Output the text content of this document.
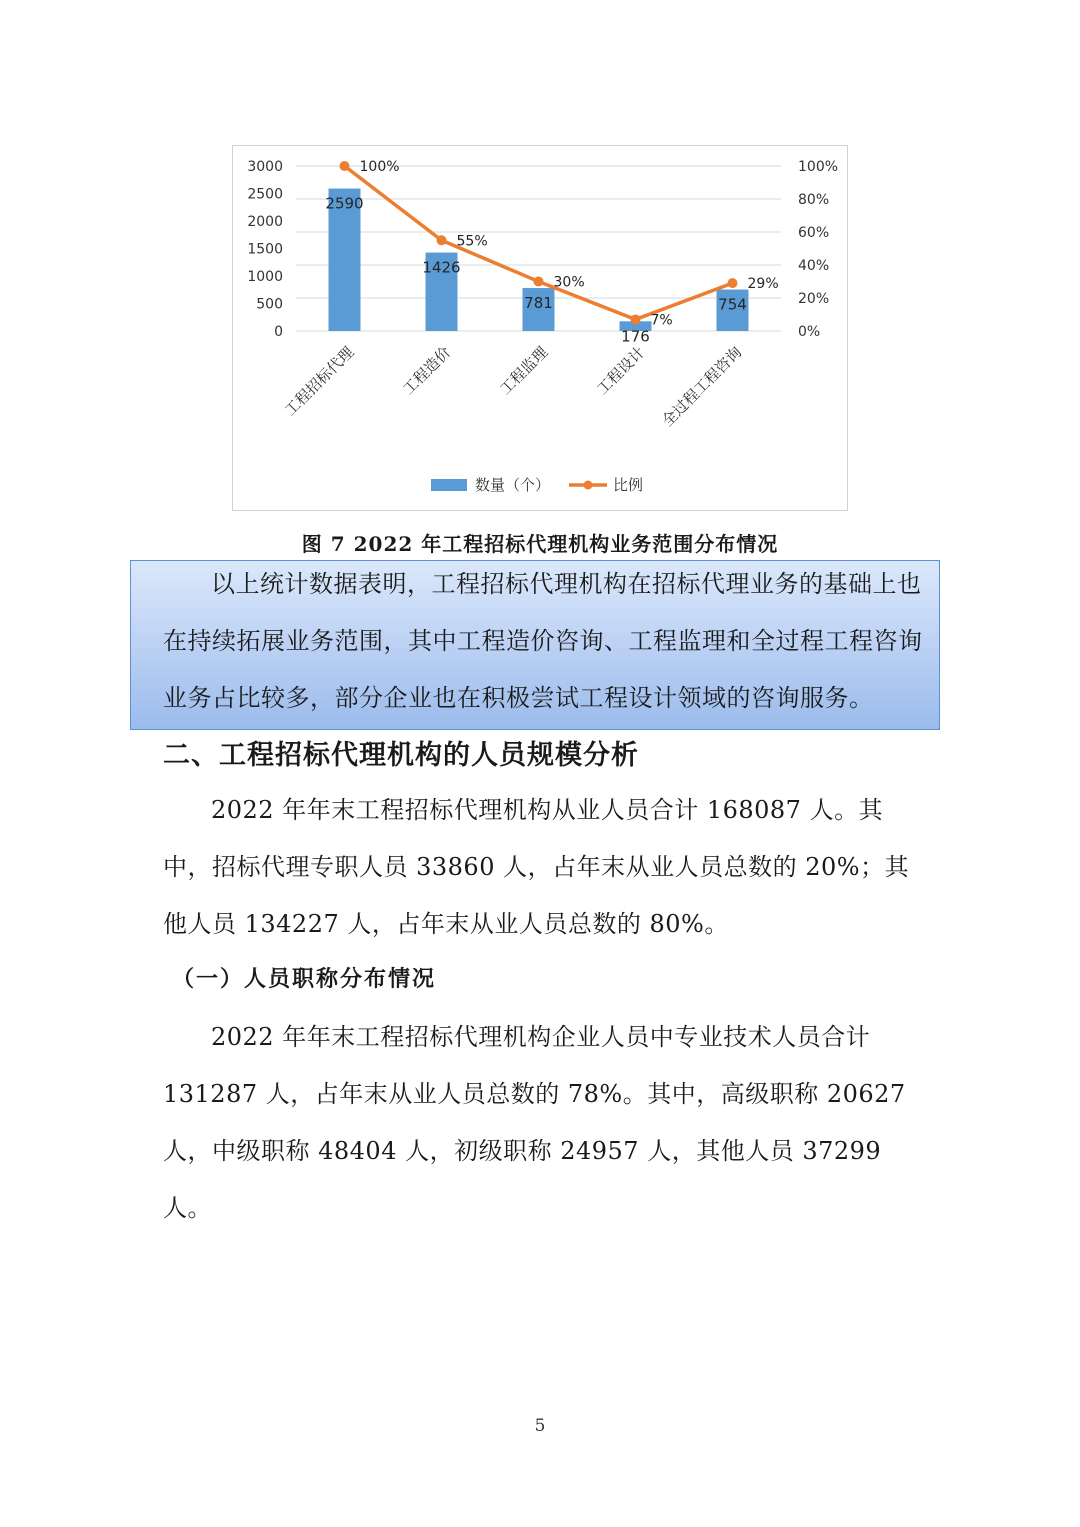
0
500
1000
1500
2000
2500
3000
0%
20%
40%
60%
80%
100%
2590
1426
781
176
754
100%
55%
30%
7%
29%
工程招标代理	工程造价	工程监理	工程设计 全过程工程咨询
数量（个）	比例
图 7 2022 年工程招标代理机构业务范围分布情况

以上统计数据表明，工程招标代理机构在招标代理业务的基础上也在持续拓展业务范围，其中工程造价咨询、工程监理和全过程工程咨询业务占比较多，部分企业也在积极尝试工程设计领域的咨询服务。

二、工程招标代理机构的人员规模分析

2022 年年末工程招标代理机构从业人员合计 168087 人。其中，招标代理专职人员 33860 人，占年末从业人员总数的 20%；其他人员 134227 人，占年末从业人员总数的 80%。

（一）人员职称分布情况

2022 年年末工程招标代理机构企业人员中专业技术人员合计 131287 人，占年末从业人员总数的 78%。其中，高级职称 20627 人，中级职称 48404 人，初级职称 24957 人，其他人员 37299 人。

5
